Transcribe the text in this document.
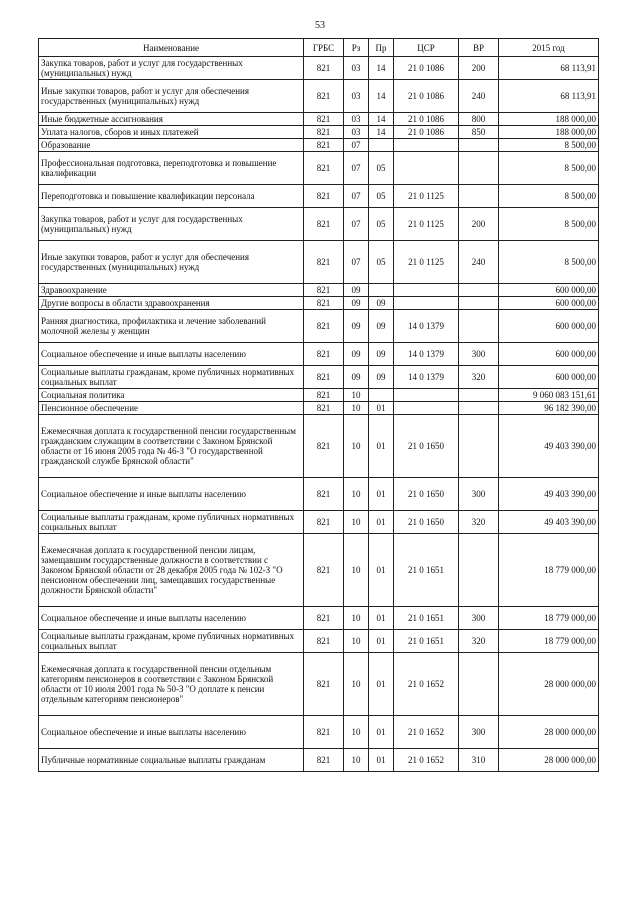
53
Наименование	ГРБС	Рз	Пр	ЦСР	ВР	2015 год
Закупка товаров, работ и услуг для государственных (муниципальных) нужд	821	03	14	21 0 1086	200	68 113,91
Иные закупки товаров, работ и услуг для обеспечения государственных (муниципальных) нужд	821	03	14	21 0 1086	240	68 113,91
Иные бюджетные ассигнования	821	03	14	21 0 1086	800	188 000,00
Уплата налогов, сборов и иных платежей	821	03	14	21 0 1086	850	188 000,00
Образование	821	07				8 500,00
Профессиональная подготовка, переподготовка и повышение квалификации	821	07	05			8 500,00
Переподготовка и повышение квалификации персонала	821	07	05	21 0 1125		8 500,00
Закупка товаров, работ и услуг для государственных (муниципальных) нужд	821	07	05	21 0 1125	200	8 500,00
Иные закупки товаров, работ и услуг для обеспечения государственных (муниципальных) нужд	821	07	05	21 0 1125	240	8 500,00
Здравоохранение	821	09				600 000,00
Другие вопросы в области здравоохранения	821	09	09			600 000,00
Ранняя диагностика, профилактика и лечение заболеваний молочной железы у женщин	821	09	09	14 0 1379		600 000,00
Социальное обеспечение и иные выплаты населению	821	09	09	14 0 1379	300	600 000,00
Социальные выплаты гражданам, кроме публичных нормативных социальных выплат	821	09	09	14 0 1379	320	600 000,00
Социальная политика	821	10				9 060 083 151,61
Пенсионное обеспечение	821	10	01			96 182 390,00
Ежемесячная доплата к государственной пенсии государственным гражданским служащим в соответствии с Законом Брянской области от 16 июня 2005 года № 46-З "О государственной гражданской службе Брянской области"	821	10	01	21 0 1650		49 403 390,00
Социальное обеспечение и иные выплаты населению	821	10	01	21 0 1650	300	49 403 390,00
Социальные выплаты гражданам, кроме публичных нормативных социальных выплат	821	10	01	21 0 1650	320	49 403 390,00
Ежемесячная доплата к государственной пенсии лицам, замещавшим государственные должности в соответствии с Законом Брянской области от 28 декабря 2005 года № 102-З "О пенсионном обеспечении лиц, замещавших государственные должности Брянской области"	821	10	01	21 0 1651		18 779 000,00
Социальное обеспечение и иные выплаты населению	821	10	01	21 0 1651	300	18 779 000,00
Социальные выплаты гражданам, кроме публичных нормативных социальных выплат	821	10	01	21 0 1651	320	18 779 000,00
Ежемесячная доплата к государственной пенсии отдельным категориям пенсионеров в соответствии с Законом Брянской области от 10 июля 2001 года № 50-З "О доплате к пенсии отдельным категориям пенсионеров"	821	10	01	21 0 1652		28 000 000,00
Социальное обеспечение и иные выплаты населению	821	10	01	21 0 1652	300	28 000 000,00
Публичные нормативные социальные выплаты гражданам	821	10	01	21 0 1652	310	28 000 000,00
